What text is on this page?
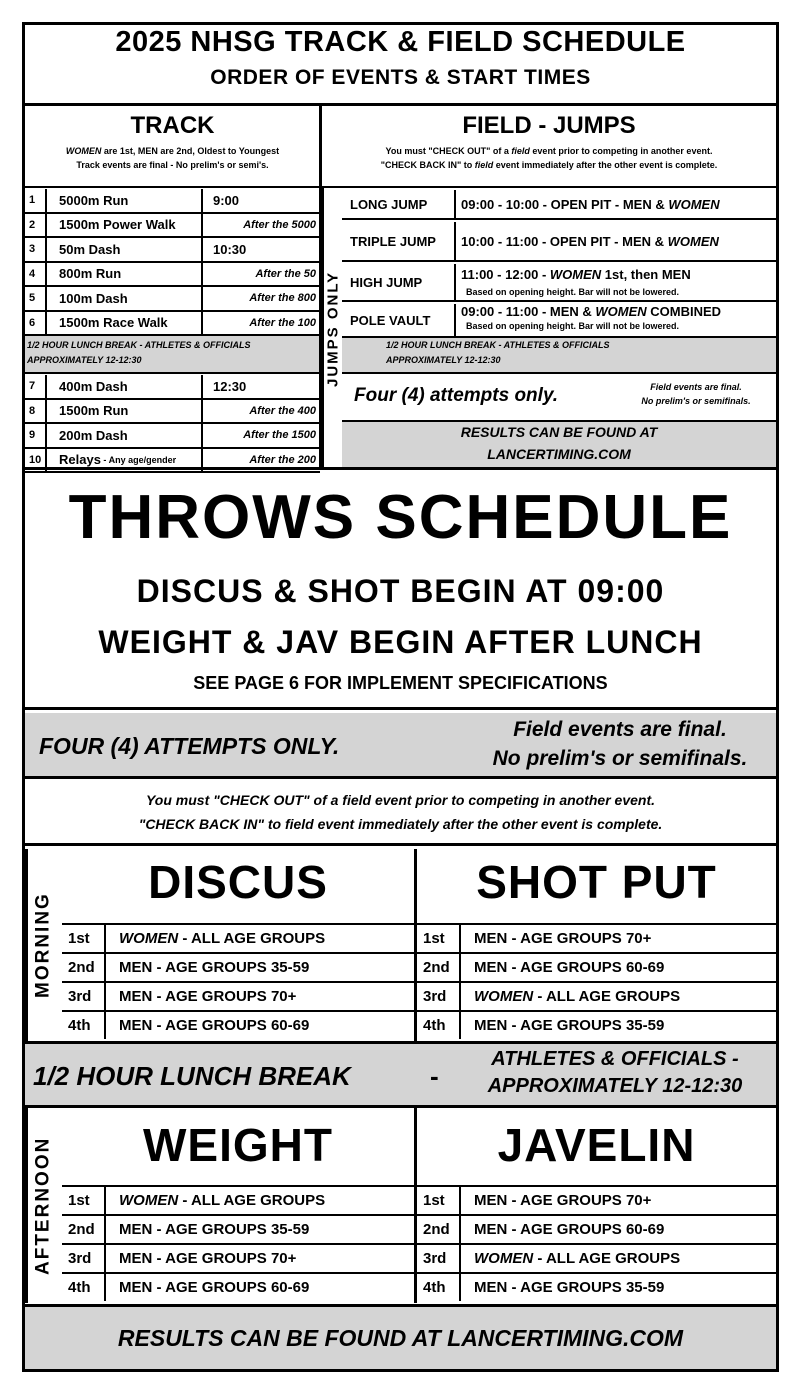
2025 NHSG TRACK & FIELD SCHEDULE
ORDER OF EVENTS & START TIMES
TRACK
WOMEN are 1st, MEN are 2nd, Oldest to Youngest
Track events are final - No prelim's or semi's.
1 5000m Run	9:00
2 1500m Power Walk	After the 5000
3 50m Dash	10:30
4 800m Run	After the 50
5 100m Dash	After the 800
6 1500m Race Walk	After the 100
1/2 HOUR LUNCH BREAK - ATHLETES & OFFICIALS
APPROXIMATELY 12-12:30
7 400m Dash	12:30
8 1500m Run	After the 400
9 200m Dash	After the 1500
10 Relays - Any age/gender	After the 200
FIELD - JUMPS
You must "CHECK OUT" of a field event prior to competing in another event.
"CHECK BACK IN" to field event immediately after the other event is complete.
JUMPS ONLY
LONG JUMP	09:00 - 10:00 - OPEN PIT - MEN & WOMEN
TRIPLE JUMP 10:00 - 11:00 - OPEN PIT - MEN & WOMEN
HIGH JUMP	11:00 - 12:00 - WOMEN 1st, then MEN
Based on opening height. Bar will not be lowered.
POLE VAULT
09:00 - 11:00 - MEN & WOMEN COMBINED
Based on opening height. Bar will not be lowered.
1/2 HOUR LUNCH BREAK - ATHLETES & OFFICIALS
APPROXIMATELY 12-12:30
Four (4) attempts only.	Field events are final.
No prelim's or semifinals.
RESULTS CAN BE FOUND AT
LANCERTIMING.COM
THROWS SCHEDULE
DISCUS & SHOT BEGIN AT 09:00
WEIGHT & JAV BEGIN AFTER LUNCH
SEE PAGE 6 FOR IMPLEMENT SPECIFICATIONS
FOUR (4) ATTEMPTS ONLY.
Field events are final.
No prelim's or semifinals.
You must "CHECK OUT" of a field event prior to competing in another event.
"CHECK BACK IN" to field event immediately after the other event is complete.
MORNING
DISCUS	SHOT PUT
1st WOMEN - ALL AGE GROUPS
2nd MEN - AGE GROUPS 35-59
3rd MEN - AGE GROUPS 70+
4th MEN - AGE GROUPS 60-69
1st MEN - AGE GROUPS 70+
2nd MEN - AGE GROUPS 60-69
3rd WOMEN - ALL AGE GROUPS
4th MEN - AGE GROUPS 35-59
1/2 HOUR LUNCH BREAK	-
ATHLETES & OFFICIALS -
APPROXIMATELY 12-12:30
AFTERNOON	WEIGHT	JAVELIN
1st WOMEN - ALL AGE GROUPS
2nd MEN - AGE GROUPS 35-59
3rd MEN - AGE GROUPS 70+
4th MEN - AGE GROUPS 60-69
1st MEN - AGE GROUPS 70+
2nd MEN - AGE GROUPS 60-69
3rd WOMEN - ALL AGE GROUPS
4th MEN - AGE GROUPS 35-59
RESULTS CAN BE FOUND AT LANCERTIMING.COM
